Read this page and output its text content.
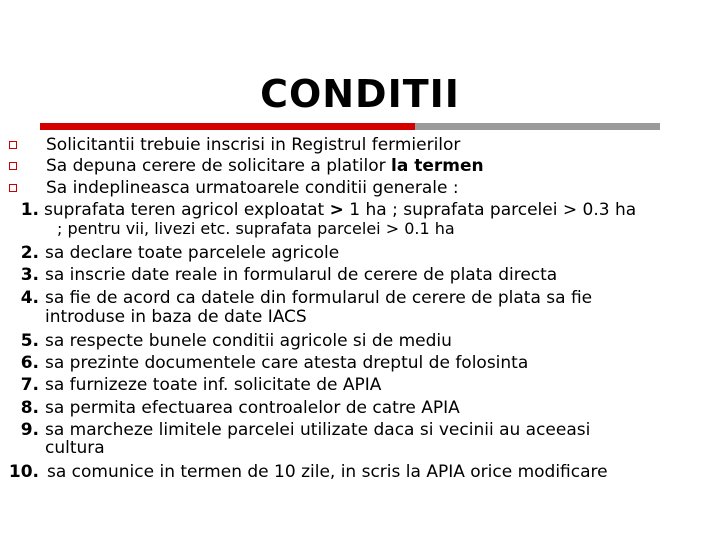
CONDITII
Solicitantii trebuie inscrisi in Registrul fermierilor
Sa depuna cerere de solicitare a platilor la termen
Sa indeplineasca urmatoarele conditii generale :
1. suprafata teren agricol exploatat > 1 ha ; suprafata parcelei > 0.3 ha
; pentru vii, livezi etc. suprafata parcelei > 0.1 ha
2. sa declare toate parcelele agricole
3. sa inscrie date reale in formularul de cerere de plata directa
4. sa fie de acord ca datele din formularul de cerere de plata sa fie
introduse in baza de date IACS
5. sa respecte bunele conditii agricole si de mediu
6. sa prezinte documentele care atesta dreptul de folosinta
7. sa furnizeze toate inf. solicitate de APIA
8. sa permita efectuarea controalelor de catre APIA
9. sa marcheze limitele parcelei utilizate daca si vecinii au aceeasi
cultura
10. sa comunice in termen de 10 zile, in scris la APIA orice modificare
